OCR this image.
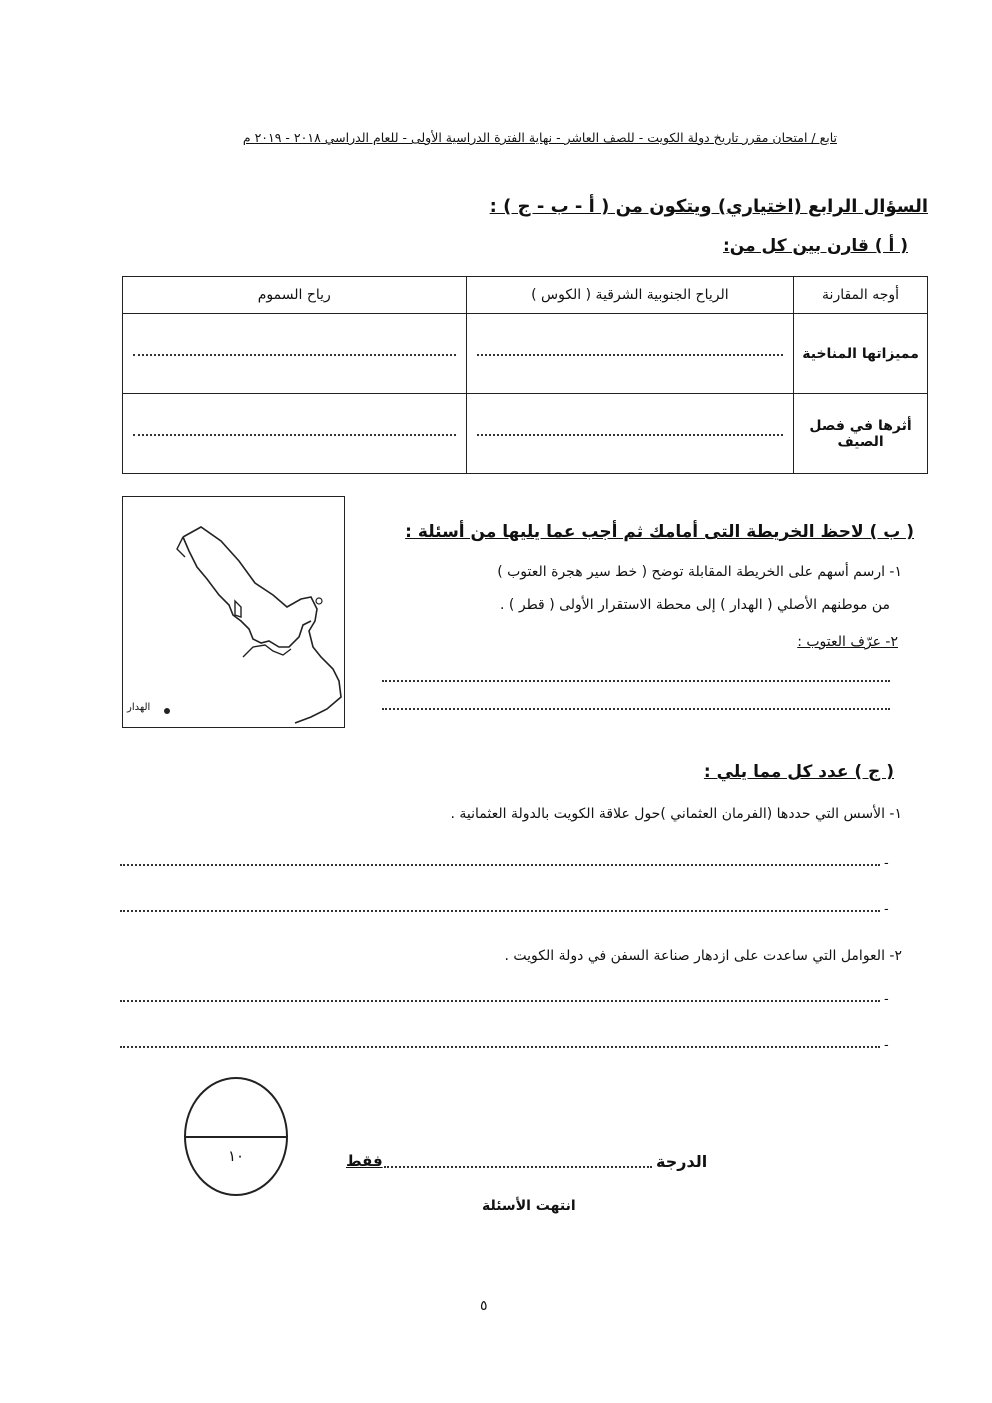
تابع / امتحان مقرر تاريخ دولة الكويت - للصف العاشر - نهاية الفترة الدراسية الأولى - للعام الدراسي ٢٠١٨ - ٢٠١٩ م
السؤال الرابع (اختياري) ويتكون من ( أ - ب - ج ) :
( أ ) قارن بين كل من:
أوجه المقارنة	الرياح الجنوبية الشرقية ( الكوس )	رياح السموم
مميزاتها المناخية	

أثرها في فصل الصيف	

( ب ) لاحظ الخريطة التى أمامك ثم أجب عما يليها من أسئلة :
١- ارسم أسهم على الخريطة المقابلة توضح ( خط سير هجرة العتوب )
من موطنهم الأصلي ( الهدار ) إلى محطة الاستقرار الأولى ( قطر ) .
٢- عرّف العتوب :
الهدار
( ج ) عدد كل مما يلي :
١- الأسس التي حددها (الفرمان العثماني )حول علاقة الكويت بالدولة العثمانية .
-
-
٢- العوامل التي ساعدت على ازدهار صناعة السفن في دولة الكويت .
-
-
١٠	فقط	الدرجة
انتهت الأسئلة
٥
